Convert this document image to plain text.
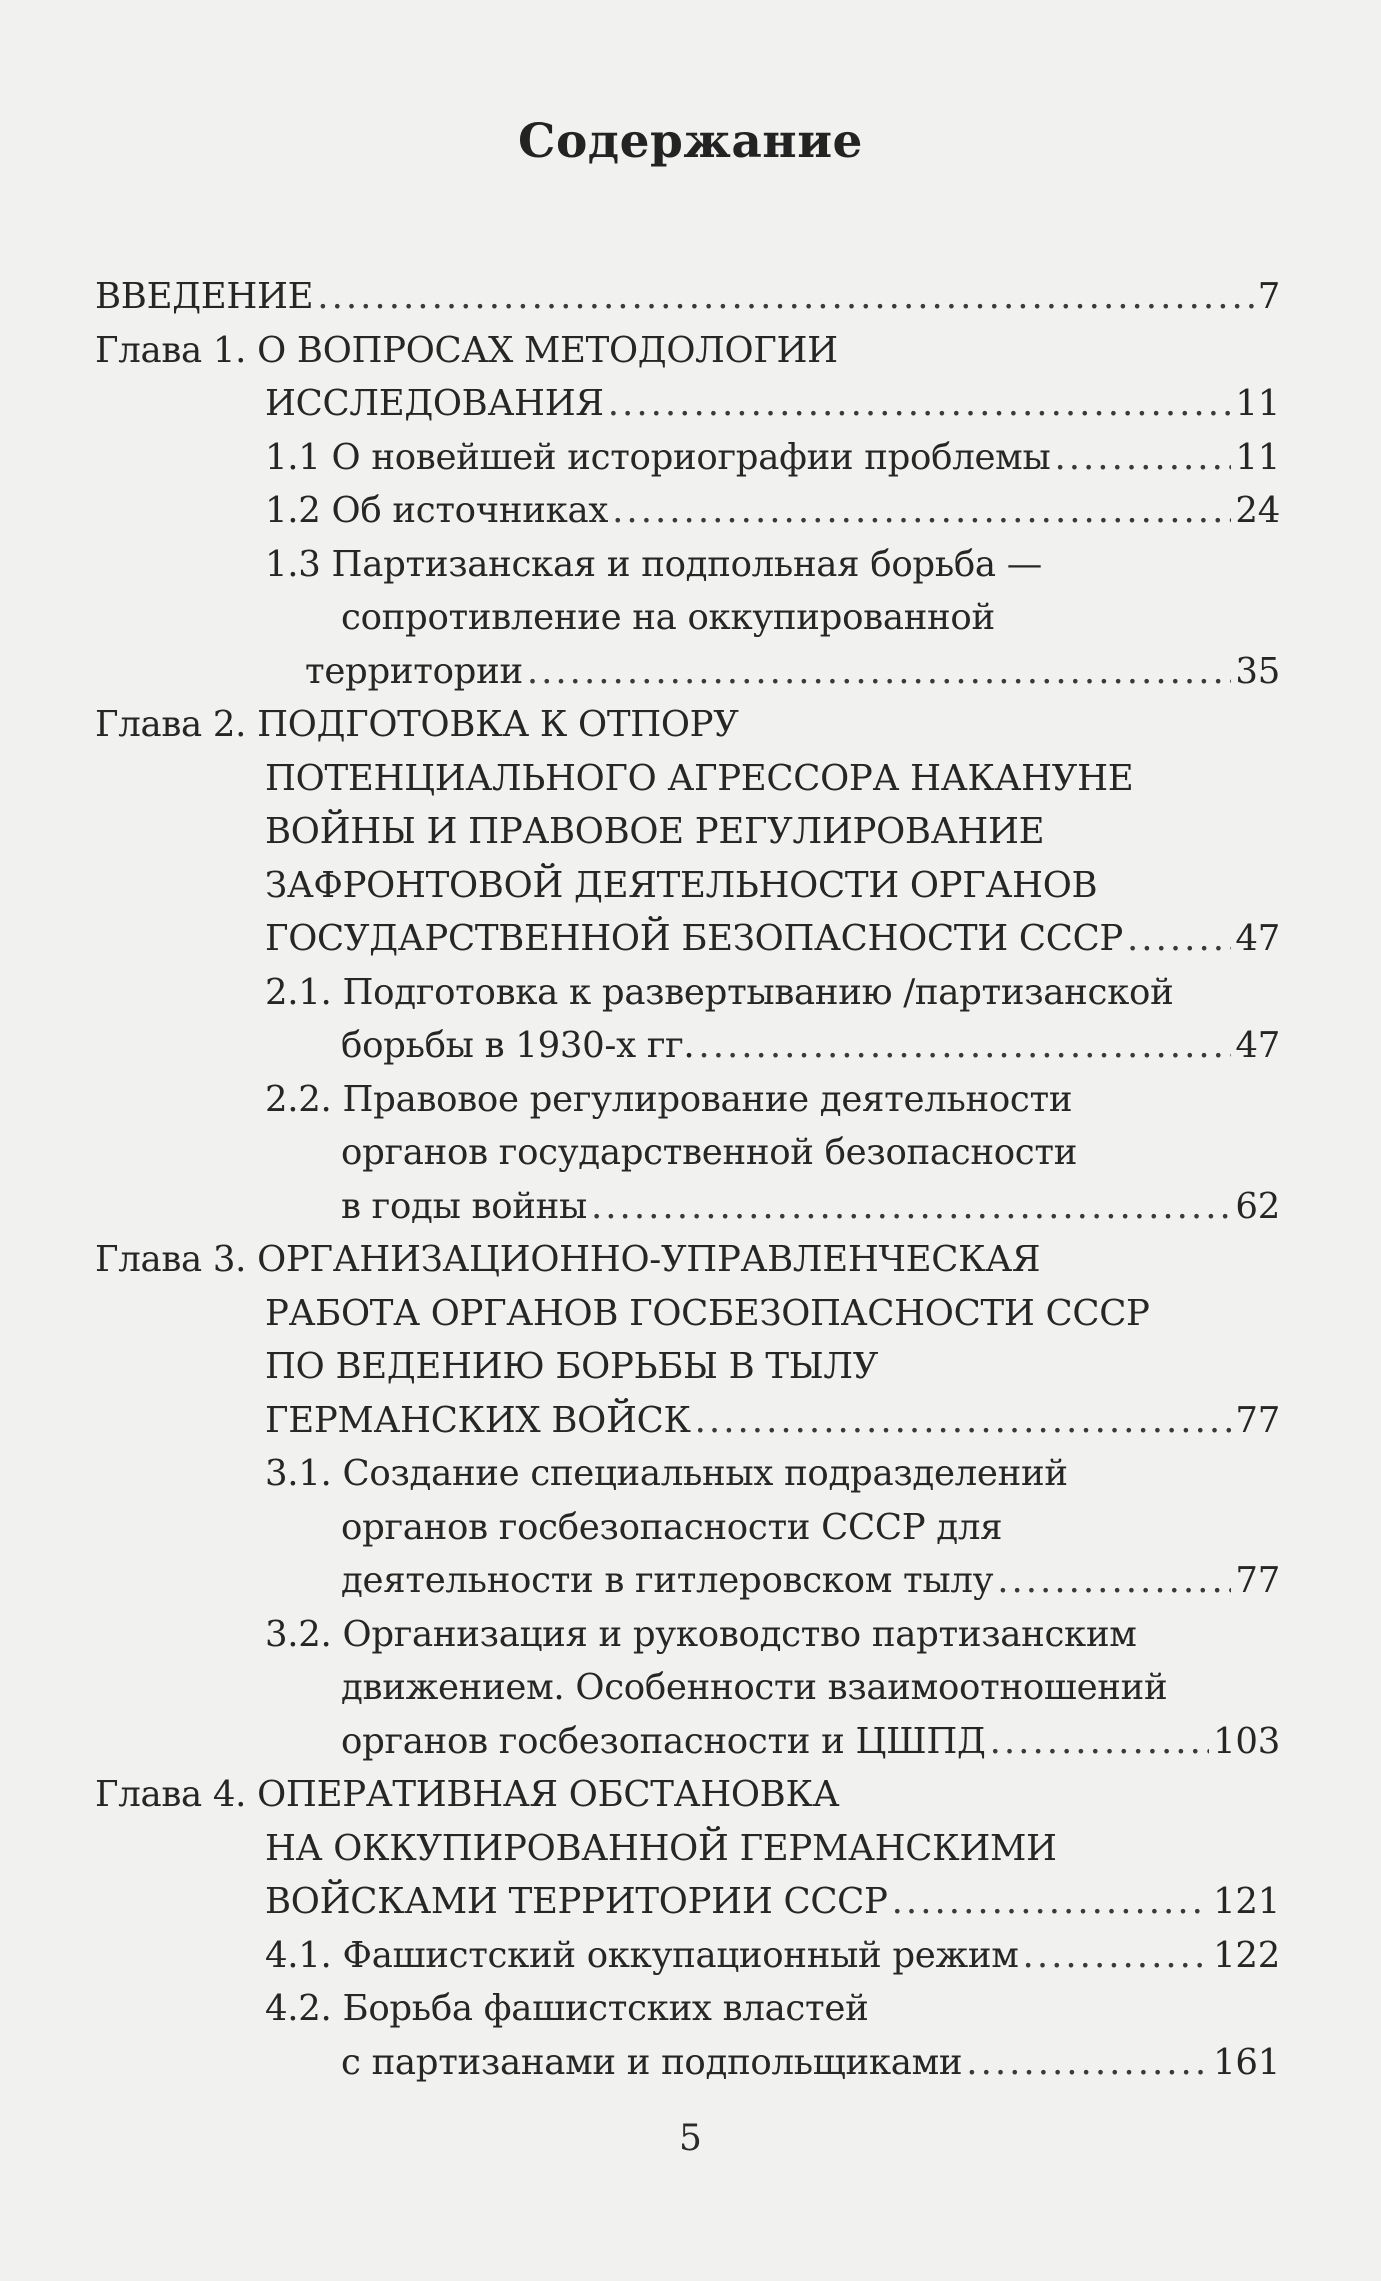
Содержание
ВВЕДЕНИЕ .....	7
Глава 1. О ВОПРОСАХ МЕТОДОЛОГИИ
ИССЛЕДОВАНИЯ .....	11
1.1 О новейшей историографии проблемы .....	11
1.2 Об источниках .....	24
1.3 Партизанская и подпольная борьба —
сопротивление на оккупированной
территории .....	35
Глава 2. ПОДГОТОВКА К ОТПОРУ
ПОТЕНЦИАЛЬНОГО АГРЕССОРА НАКАНУНЕ
ВОЙНЫ И ПРАВОВОЕ РЕГУЛИРОВАНИЕ
ЗАФРОНТОВОЙ ДЕЯТЕЛЬНОСТИ ОРГАНОВ
ГОСУДАРСТВЕННОЙ БЕЗОПАСНОСТИ СССР .....	47
2.1. Подготовка к развертыванию /партизанской
борьбы в 1930-х гг. .....	47
2.2. Правовое регулирование деятельности
органов государственной безопасности
в годы войны .....	62
Глава 3. ОРГАНИЗАЦИОННО-УПРАВЛЕНЧЕСКАЯ
РАБОТА ОРГАНОВ ГОСБЕЗОПАСНОСТИ СССР
ПО ВЕДЕНИЮ БОРЬБЫ В ТЫЛУ
ГЕРМАНСКИХ ВОЙСК .....	77
3.1. Создание специальных подразделений
органов госбезопасности СССР для
деятельности в гитлеровском тылу .....	77
3.2. Организация и руководство партизанским
движением. Особенности взаимоотношений
органов госбезопасности и ЦШПД .....	103
Глава 4. ОПЕРАТИВНАЯ ОБСТАНОВКА
НА ОККУПИРОВАННОЙ ГЕРМАНСКИМИ
ВОЙСКАМИ ТЕРРИТОРИИ СССР .....	121
4.1. Фашистский оккупационный режим .....	122
4.2. Борьба фашистских властей
с партизанами и подпольщиками .....	161
5
